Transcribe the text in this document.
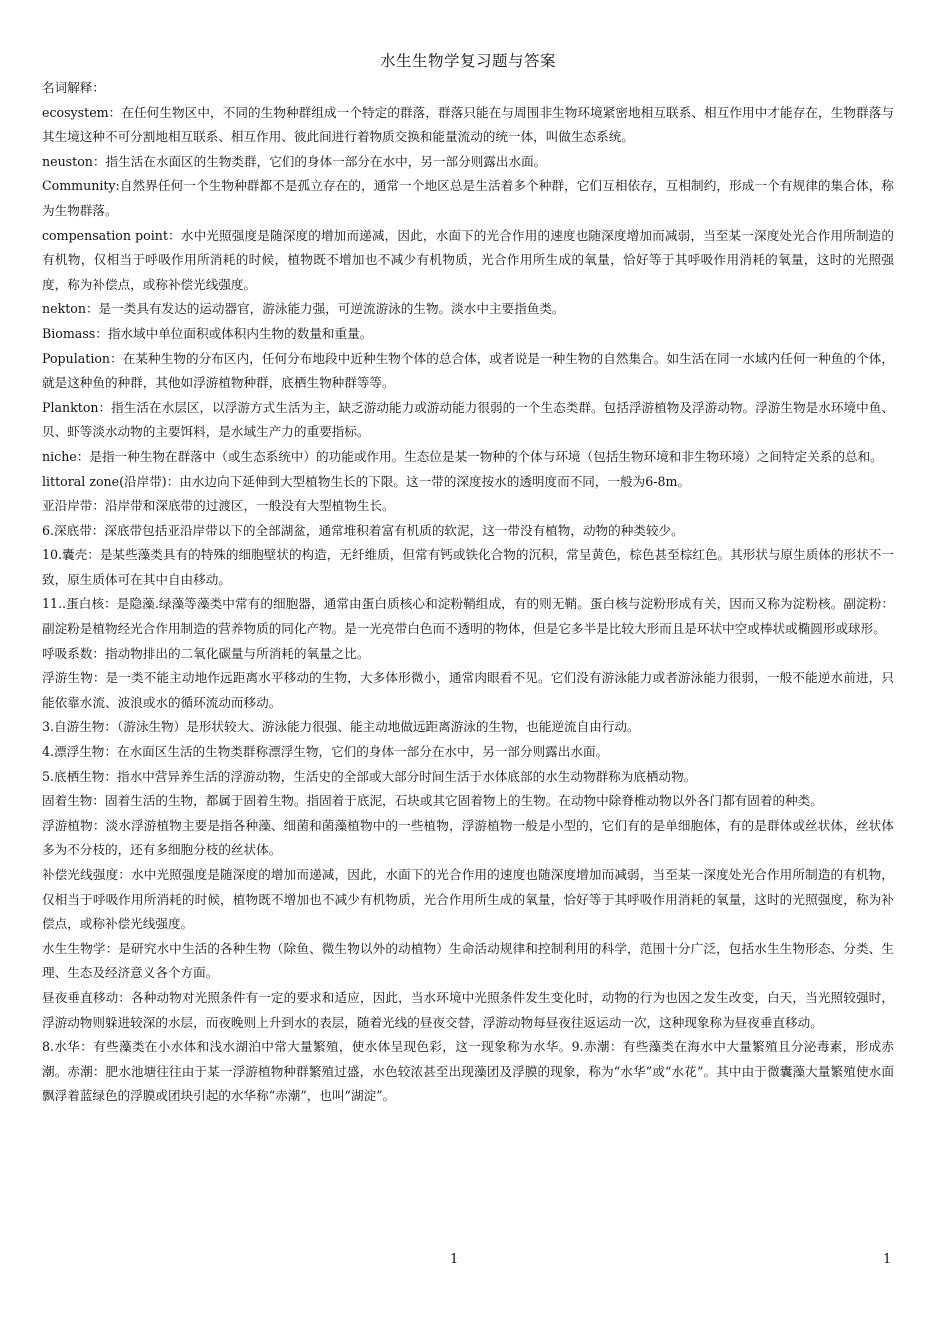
水生生物学复习题与答案

名词解释：

ecosystem：在任何生物区中，不同的生物种群组成一个特定的群落，群落只能在与周围非生物环境紧密地相互联系、相互作用中才能存在，生物群落与其生境这种不可分割地相互联系、相互作用、彼此间进行着物质交换和能量流动的统一体，叫做生态系统。

neuston：指生活在水面区的生物类群，它们的身体一部分在水中，另一部分则露出水面。

Community:自然界任何一个生物种群都不是孤立存在的，通常一个地区总是生活着多个种群，它们互相依存，互相制约，形成一个有规律的集合体，称为生物群落。

compensation point：水中光照强度是随深度的增加而递减，因此，水面下的光合作用的速度也随深度增加而减弱，当至某一深度处光合作用所制造的有机物，仅相当于呼吸作用所消耗的时候，植物既不增加也不减少有机物质，光合作用所生成的氧量，恰好等于其呼吸作用消耗的氧量，这时的光照强度，称为补偿点，或称补偿光线强度。

nekton：是一类具有发达的运动器官，游泳能力强，可逆流游泳的生物。淡水中主要指鱼类。

Biomass：指水域中单位面积或体积内生物的数量和重量。

Population：在某种生物的分布区内，任何分布地段中近种生物个体的总合体，或者说是一种生物的自然集合。如生活在同一水域内任何一种鱼的个体，就是这种鱼的种群，其他如浮游植物种群，底栖生物种群等等。

Plankton：指生活在水层区，以浮游方式生活为主，缺乏游动能力或游动能力很弱的一个生态类群。包括浮游植物及浮游动物。浮游生物是水环境中鱼、贝、虾等淡水动物的主要饵料，是水域生产力的重要指标。

niche：是指一种生物在群落中（或生态系统中）的功能或作用。生态位是某一物种的个体与环境（包括生物环境和非生物环境）之间特定关系的总和。

littoral zone(沿岸带)：由水边向下延伸到大型植物生长的下限。这一带的深度按水的透明度而不同，一般为6-8m。

亚沿岸带：沿岸带和深底带的过渡区，一般没有大型植物生长。

6.深底带：深底带包括亚沿岸带以下的全部湖盆，通常堆积着富有机质的软泥，这一带没有植物，动物的种类较少。

10.囊壳：是某些藻类具有的特殊的细胞壁状的构造，无纤维质，但常有钙或铁化合物的沉积，常呈黄色，棕色甚至棕红色。其形状与原生质体的形状不一致，原生质体可在其中自由移动。

11..蛋白核：是隐藻.绿藻等藻类中常有的细胞器，通常由蛋白质核心和淀粉鞘组成，有的则无鞘。蛋白核与淀粉形成有关，因而又称为淀粉核。副淀粉：副淀粉是植物经光合作用制造的营养物质的同化产物。是一光亮带白色而不透明的物体，但是它多半是比较大形而且是环状中空或棒状或椭圆形或球形。

呼吸系数：指动物排出的二氧化碳量与所消耗的氧量之比。

浮游生物：是一类不能主动地作远距离水平移动的生物，大多体形微小，通常肉眼看不见。它们没有游泳能力或者游泳能力很弱，一般不能逆水前进，只能依靠水流、波浪或水的循环流动而移动。

3.自游生物：（游泳生物）是形状较大、游泳能力很强、能主动地做远距离游泳的生物，也能逆流自由行动。

4.漂浮生物：在水面区生活的生物类群称漂浮生物，它们的身体一部分在水中，另一部分则露出水面。

5.底栖生物：指水中营异养生活的浮游动物，生活史的全部或大部分时间生活于水体底部的水生动物群称为底栖动物。

固着生物：固着生活的生物，都属于固着生物。指固着于底泥，石块或其它固着物上的生物。在动物中除脊椎动物以外各门都有固着的种类。

浮游植物：淡水浮游植物主要是指各种藻、细菌和菌藻植物中的一些植物，浮游植物一般是小型的，它们有的是单细胞体，有的是群体或丝状体，丝状体多为不分枝的，还有多细胞分枝的丝状体。

补偿光线强度：水中光照强度是随深度的增加而递减，因此，水面下的光合作用的速度也随深度增加而减弱，当至某一深度处光合作用所制造的有机物，仅相当于呼吸作用所消耗的时候，植物既不增加也不减少有机物质，光合作用所生成的氧量，恰好等于其呼吸作用消耗的氧量，这时的光照强度，称为补偿点，或称补偿光线强度。

水生生物学：是研究水中生活的各种生物（除鱼、微生物以外的动植物）生命活动规律和控制利用的科学，范围十分广泛，包括水生生物形态、分类、生理、生态及经济意义各个方面。

昼夜垂直移动：各种动物对光照条件有一定的要求和适应，因此，当水环境中光照条件发生变化时，动物的行为也因之发生改变，白天，当光照较强时，浮游动物则躲进较深的水层，而夜晚则上升到水的表层，随着光线的昼夜交替，浮游动物每昼夜往返运动一次，这种现象称为昼夜垂直移动。

8.水华：有些藻类在小水体和浅水湖泊中常大量繁殖，使水体呈现色彩，这一现象称为水华。9.赤潮：有些藻类在海水中大量繁殖且分泌毒素，形成赤潮。赤潮：肥水池塘往往由于某一浮游植物种群繁殖过盛，水色较浓甚至出现藻团及浮膜的现象，称为“水华”或“水花”。其中由于微囊藻大量繁殖使水面飘浮着蓝绿色的浮膜或团块引起的水华称“赤潮”，也叫“湖淀”。

1	1
